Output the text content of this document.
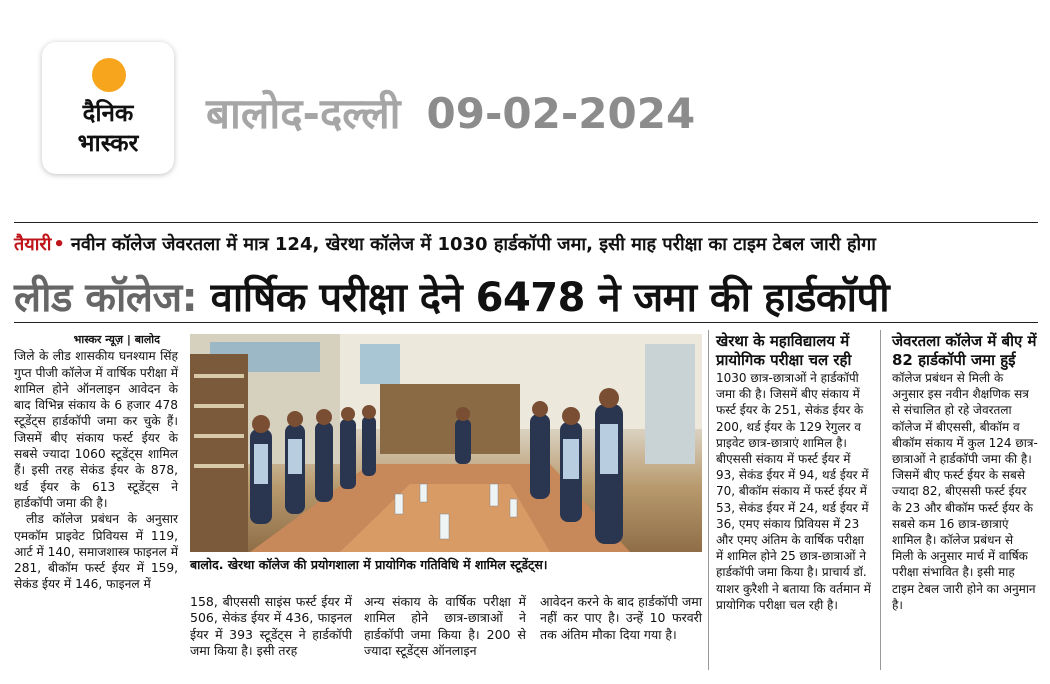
दैनिक
भास्कर
बालोद-दल्ली 09-02-2024
तैयारी • नवीन कॉलेज जेवरतला में मात्र 124, खेरथा कॉलेज में 1030 हार्डकॉपी जमा, इसी माह परीक्षा का टाइम टेबल जारी होगा
लीड कॉलेज: वार्षिक परीक्षा देने 6478 ने जमा की हार्डकॉपी

भास्कर न्यूज़ | बालोद

जिले के लीड शासकीय घनश्याम सिंह गुप्त पीजी कॉलेज में वार्षिक परीक्षा में शामिल होने ऑनलाइन आवेदन के बाद विभिन्न संकाय के 6 हजार 478 स्टूडेंट्स हार्डकॉपी जमा कर चुके हैं। जिसमें बीए संकाय फर्स्ट ईयर के सबसे ज्यादा 1060 स्टूडेंट्स शामिल हैं। इसी तरह सेकंड ईयर के 878, थर्ड ईयर के 613 स्टूडेंट्स ने हार्डकॉपी जमा की है।

लीड कॉलेज प्रबंधन के अनुसार एमकॉम प्राइवेट प्रिवियस में 119, आर्ट में 140, समाजशास्त्र फाइनल में 281, बीकॉम फर्स्ट ईयर में 159, सेकंड ईयर में 146, फाइनल में

बालोद. खेरथा कॉलेज की प्रयोगशाला में प्रायोगिक गतिविधि में शामिल स्टूडेंट्स।

158, बीएससी साइंस फर्स्ट ईयर में 506, सेकंड ईयर में 436, फाइनल ईयर में 393 स्टूडेंट्स ने हार्डकॉपी जमा किया है। इसी तरह

अन्य संकाय के वार्षिक परीक्षा में शामिल होने छात्र-छात्राओं ने हार्डकॉपी जमा किया है। 200 से ज्यादा स्टूडेंट्स ऑनलाइन

आवेदन करने के बाद हार्डकॉपी जमा नहीं कर पाए है। उन्हें 10 फरवरी तक अंतिम मौका दिया गया है।

खेरथा के महाविद्यालय में प्रायोगिक परीक्षा चल रही

1030 छात्र-छात्राओं ने हार्डकॉपी जमा की है। जिसमें बीए संकाय में फर्स्ट ईयर के 251, सेकंड ईयर के 200, थर्ड ईयर के 129 रेगुलर व प्राइवेट छात्र-छात्राएं शामिल है। बीएससी संकाय में फर्स्ट ईयर में 93, सेकंड ईयर में 94, थर्ड ईयर में 70, बीकॉम संकाय में फर्स्ट ईयर में 53, सेकंड ईयर में 24, थर्ड ईयर में 36, एमए संकाय प्रिवियस में 23 और एमए अंतिम के वार्षिक परीक्षा में शामिल होने 25 छात्र-छात्राओं ने हार्डकॉपी जमा किया है। प्राचार्य डॉ. याशर कुरैशी ने बताया कि वर्तमान में प्रायोगिक परीक्षा चल रही है।

जेवरतला कॉलेज में बीए में 82 हार्डकॉपी जमा हुई

कॉलेज प्रबंधन से मिली के अनुसार इस नवीन शैक्षणिक सत्र से संचालित हो रहे जेवरतला कॉलेज में बीएससी, बीकॉम व बीकॉम संकाय में कुल 124 छात्र-छात्राओं ने हार्डकॉपी जमा की है। जिसमें बीए फर्स्ट ईयर के सबसे ज्यादा 82, बीएससी फर्स्ट ईयर के 23 और बीकॉम फर्स्ट ईयर के सबसे कम 16 छात्र-छात्राएं शामिल है। कॉलेज प्रबंधन से मिली के अनुसार मार्च में वार्षिक परीक्षा संभावित है। इसी माह टाइम टेबल जारी होने का अनुमान है।
